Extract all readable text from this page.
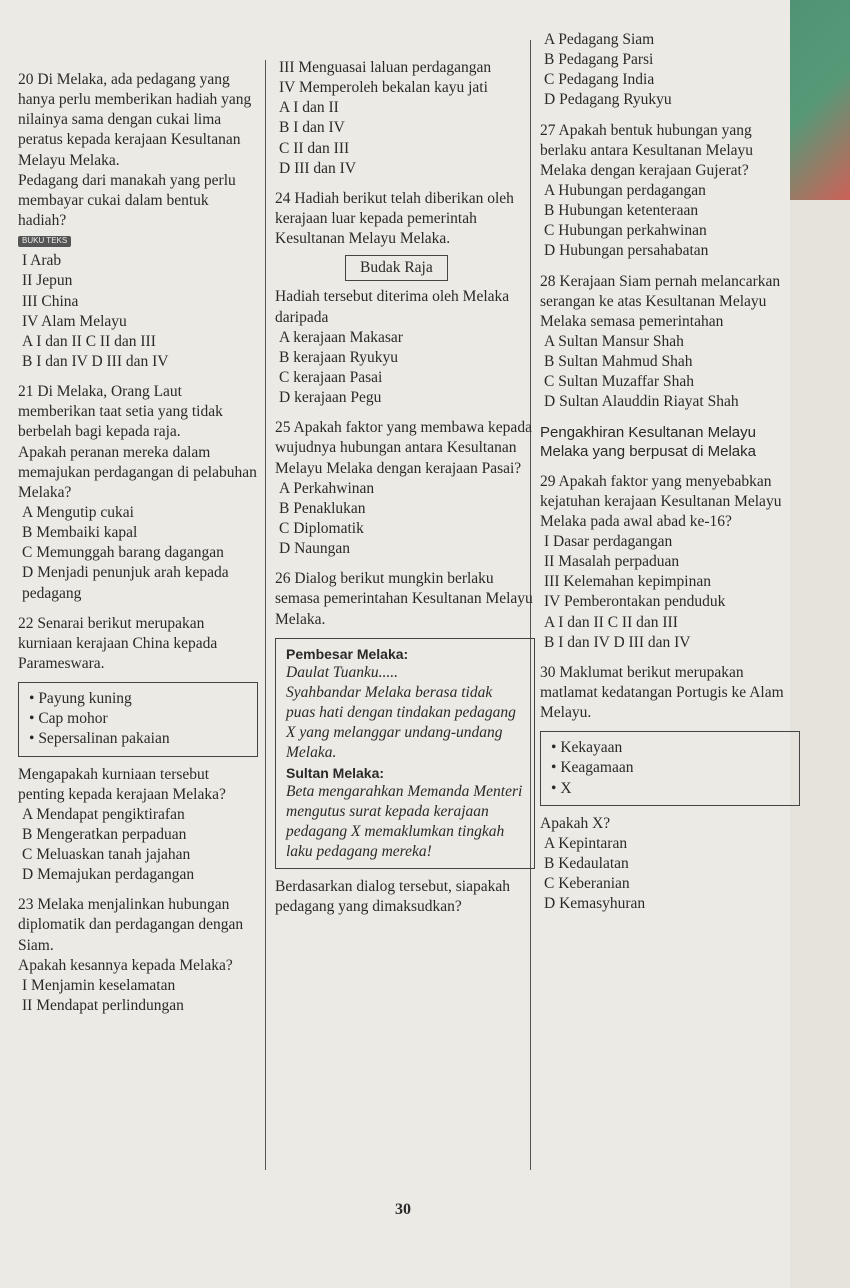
20 Di Melaka, ada pedagang yang hanya perlu memberikan hadiah yang nilainya sama dengan cukai lima peratus kepada kerajaan Kesultanan Melayu Melaka.

Pedagang dari manakah yang perlu membayar cukai dalam bentuk hadiah?

BUKU TEKS

I Arab

II Jepun

III China

IV Alam Melayu

A I dan II C II dan III

B I dan IV D III dan IV

21 Di Melaka, Orang Laut memberikan taat setia yang tidak berbelah bagi kepada raja.

Apakah peranan mereka dalam memajukan perdagangan di pelabuhan Melaka?

A Mengutip cukai

B Membaiki kapal

C Memunggah barang dagangan

D Menjadi penunjuk arah kepada pedagang

22 Senarai berikut merupakan kurniaan kerajaan China kepada Parameswara.

• Payung kuning

• Cap mohor

• Sepersalinan pakaian

Mengapakah kurniaan tersebut penting kepada kerajaan Melaka?

A Mendapat pengiktirafan

B Mengeratkan perpaduan

C Meluaskan tanah jajahan

D Memajukan perdagangan

23 Melaka menjalinkan hubungan diplomatik dan perdagangan dengan Siam.

Apakah kesannya kepada Melaka?

I Menjamin keselamatan

II Mendapat perlindungan

III Menguasai laluan perdagangan

IV Memperoleh bekalan kayu jati

A I dan II

B I dan IV

C II dan III

D III dan IV

24 Hadiah berikut telah diberikan oleh kerajaan luar kepada pemerintah Kesultanan Melayu Melaka.

Budak Raja

Hadiah tersebut diterima oleh Melaka daripada

A kerajaan Makasar

B kerajaan Ryukyu

C kerajaan Pasai

D kerajaan Pegu

25 Apakah faktor yang membawa kepada wujudnya hubungan antara Kesultanan Melayu Melaka dengan kerajaan Pasai?

A Perkahwinan

B Penaklukan

C Diplomatik

D Naungan

26 Dialog berikut mungkin berlaku semasa pemerintahan Kesultanan Melayu Melaka.

Pembesar Melaka:

Daulat Tuanku.....

Syahbandar Melaka berasa tidak puas hati dengan tindakan pedagang X yang melanggar undang-undang Melaka.

Sultan Melaka:

Beta mengarahkan Memanda Menteri mengutus surat kepada kerajaan pedagang X memaklumkan tingkah laku pedagang mereka!

Berdasarkan dialog tersebut, siapakah pedagang yang dimaksudkan?

A Pedagang Siam

B Pedagang Parsi

C Pedagang India

D Pedagang Ryukyu

27 Apakah bentuk hubungan yang berlaku antara Kesultanan Melayu Melaka dengan kerajaan Gujerat?

A Hubungan perdagangan

B Hubungan ketenteraan

C Hubungan perkahwinan

D Hubungan persahabatan

28 Kerajaan Siam pernah melancarkan serangan ke atas Kesultanan Melayu Melaka semasa pemerintahan

A Sultan Mansur Shah

B Sultan Mahmud Shah

C Sultan Muzaffar Shah

D Sultan Alauddin Riayat Shah

Pengakhiran Kesultanan Melayu Melaka yang berpusat di Melaka

29 Apakah faktor yang menyebabkan kejatuhan kerajaan Kesultanan Melayu Melaka pada awal abad ke-16?

I Dasar perdagangan

II Masalah perpaduan

III Kelemahan kepimpinan

IV Pemberontakan penduduk

A I dan II C II dan III

B I dan IV D III dan IV

30 Maklumat berikut merupakan matlamat kedatangan Portugis ke Alam Melayu.

• Kekayaan

• Keagamaan

• X

Apakah X?

A Kepintaran

B Kedaulatan

C Keberanian

D Kemasyhuran

30
